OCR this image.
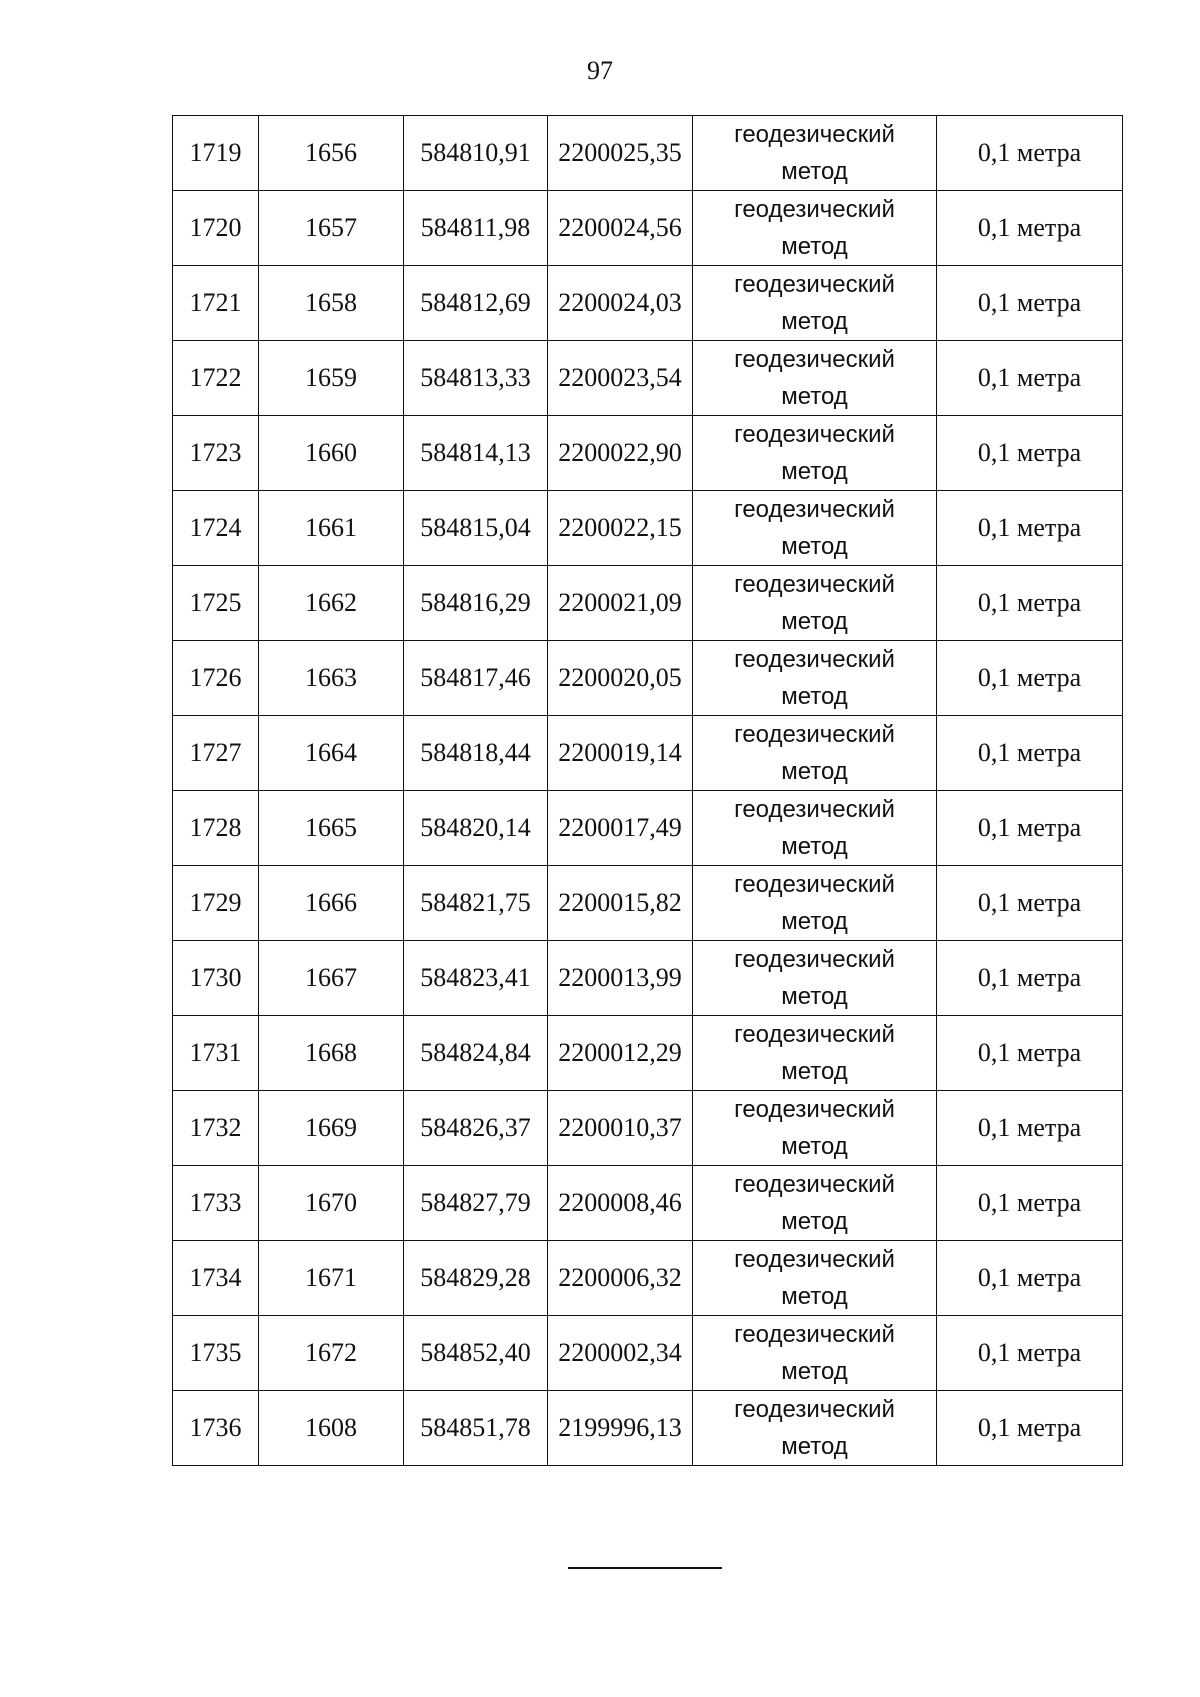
97
1719	1656	584810,91	2200025,35	геодезический
метод	0,1 метра
1720	1657	584811,98	2200024,56	геодезический
метод	0,1 метра
1721	1658	584812,69	2200024,03	геодезический
метод	0,1 метра
1722	1659	584813,33	2200023,54	геодезический
метод	0,1 метра
1723	1660	584814,13	2200022,90	геодезический
метод	0,1 метра
1724	1661	584815,04	2200022,15	геодезический
метод	0,1 метра
1725	1662	584816,29	2200021,09	геодезический
метод	0,1 метра
1726	1663	584817,46	2200020,05	геодезический
метод	0,1 метра
1727	1664	584818,44	2200019,14	геодезический
метод	0,1 метра
1728	1665	584820,14	2200017,49	геодезический
метод	0,1 метра
1729	1666	584821,75	2200015,82	геодезический
метод	0,1 метра
1730	1667	584823,41	2200013,99	геодезический
метод	0,1 метра
1731	1668	584824,84	2200012,29	геодезический
метод	0,1 метра
1732	1669	584826,37	2200010,37	геодезический
метод	0,1 метра
1733	1670	584827,79	2200008,46	геодезический
метод	0,1 метра
1734	1671	584829,28	2200006,32	геодезический
метод	0,1 метра
1735	1672	584852,40	2200002,34	геодезический
метод	0,1 метра
1736	1608	584851,78	2199996,13	геодезический
метод	0,1 метра
